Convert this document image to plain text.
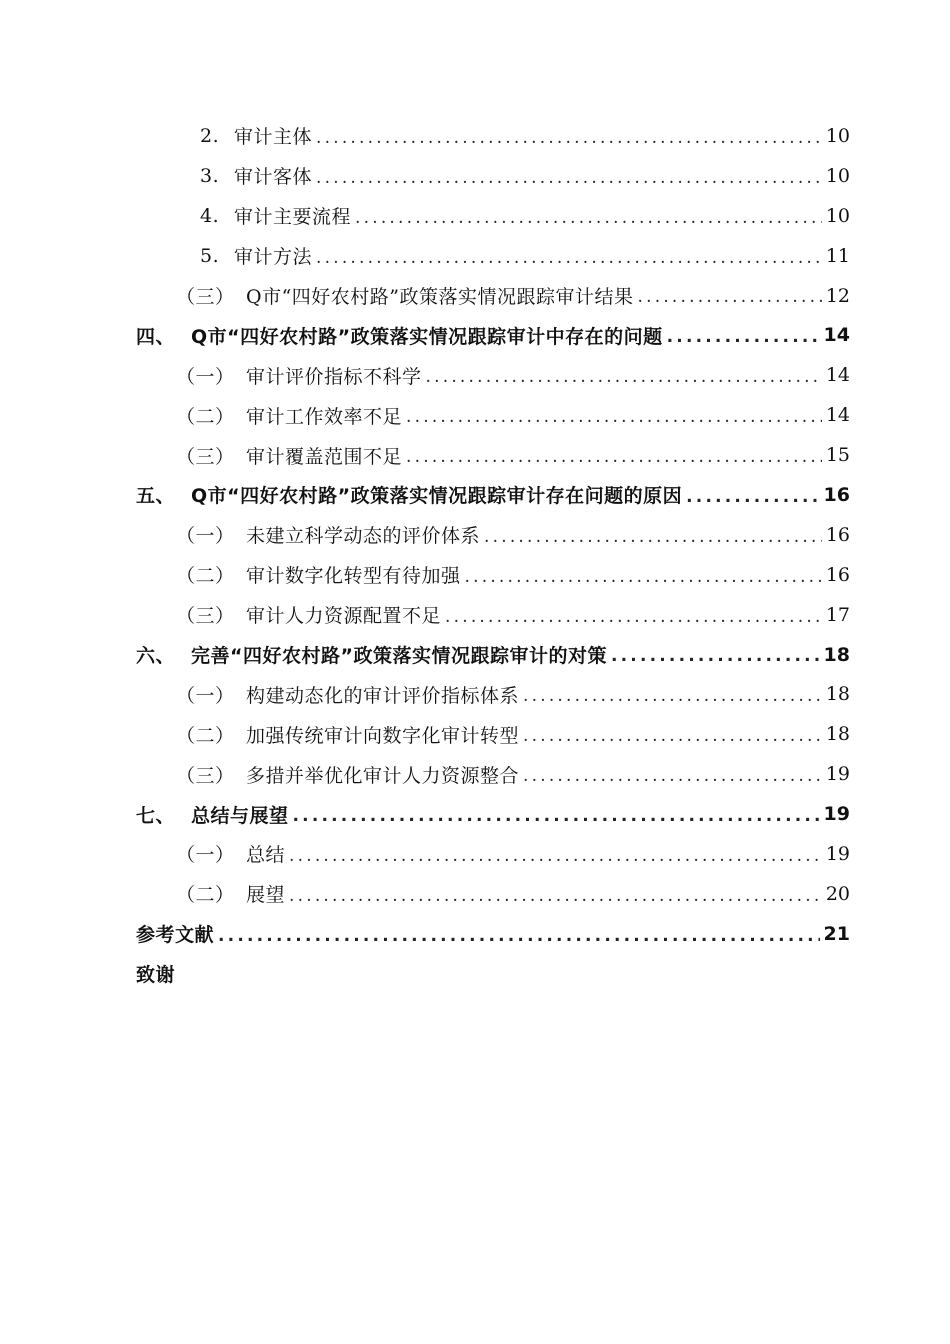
2. 审计主体 .....	10
3. 审计客体 .....	10
4. 审计主要流程 .....	10
5. 审计方法 .....	11
（三） Q市“四好农村路”政策落实情况跟踪审计结果 .....	12
四、 Q市“四好农村路”政策落实情况跟踪审计中存在的问题 .....	14
（一） 审计评价指标不科学 .....	14
（二） 审计工作效率不足 .....	14
（三） 审计覆盖范围不足 .....	15
五、 Q市“四好农村路”政策落实情况跟踪审计存在问题的原因 .....	16
（一） 未建立科学动态的评价体系 .....	16
（二） 审计数字化转型有待加强 .....	16
（三） 审计人力资源配置不足 .....	17
六、 完善“四好农村路”政策落实情况跟踪审计的对策 .....	18
（一） 构建动态化的审计评价指标体系 .....	18
（二） 加强传统审计向数字化审计转型 .....	18
（三） 多措并举优化审计人力资源整合 .....	19
七、 总结与展望 .....	19
（一） 总结 .....	19
（二） 展望 .....	20
参考文献 .....	21
致谢
